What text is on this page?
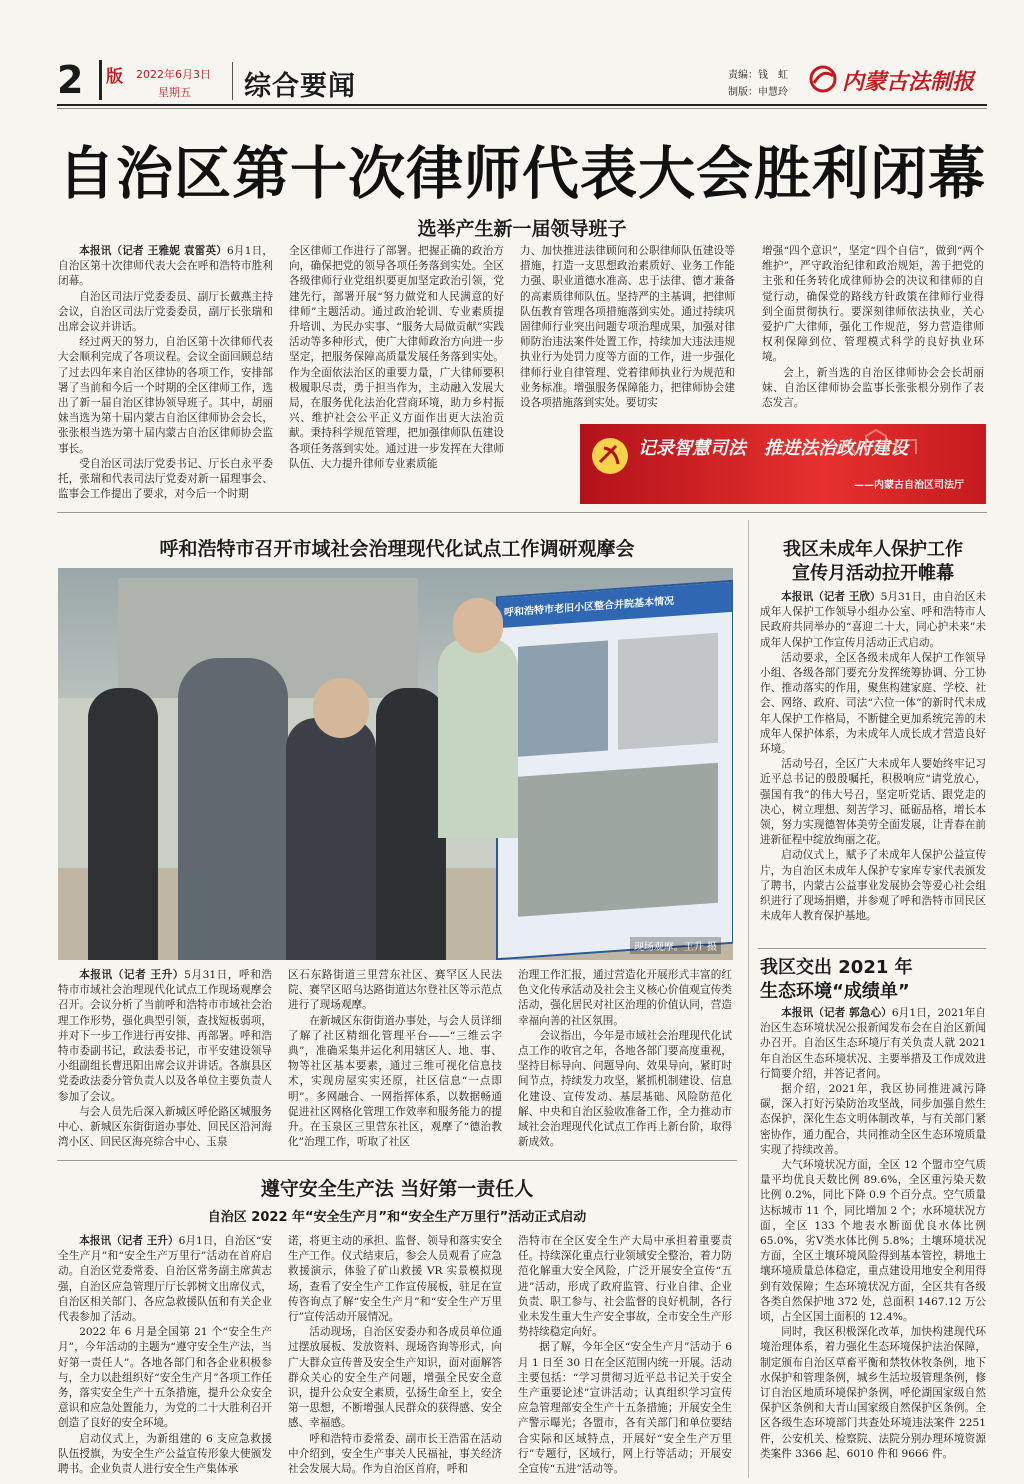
2	版 2022年6月3日
星期五 综合要闻	责编：钱　虹
制版：申慧玲 内蒙古法制报
自治区第十次律师代表大会胜利闭幕
选举产生新一届领导班子

本报讯（记者 王雅妮 袁雷英）6月1日，自治区第十次律师代表大会在呼和浩特市胜利闭幕。

自治区司法厅党委委员、副厅长戴燕主持会议，自治区司法厅党委委员，副厅长张瑞和出席会议并讲话。

经过两天的努力，自治区第十次律师代表大会顺利完成了各项议程。会议全面回顾总结了过去四年来自治区律协的各项工作，安排部署了当前和今后一个时期的全区律师工作，选出了新一届自治区律协领导班子。其中，胡丽妹当选为第十届内蒙古自治区律师协会会长，张张根当选为第十届内蒙古自治区律师协会监事长。

受自治区司法厅党委书记、厅长白永平委托，张瑞和代表司法厅党委对新一届理事会、监事会工作提出了要求，对今后一个时期

全区律师工作进行了部署。把握正确的政治方向，确保把党的领导各项任务落到实处。全区各级律师行业党组织要更加坚定政治引领，党建先行，部署开展“努力做党和人民满意的好律师”主题活动。通过政治轮训、专业素质提升培训、为民办实事、“服务大局做贡献”实践活动等多种形式，使广大律师政治方向进一步坚定，把服务保障高质量发展任务落到实处。作为全面依法治区的重要力量，广大律师要积极履职尽责，勇于担当作为，主动融入发展大局，在服务优化法治化营商环境，助力乡村振兴、维护社会公平正义方面作出更大法治贡献。秉持科学规范管理，把加强律师队伍建设各项任务落到实处。通过进一步发挥在大律师队伍、大力提升律师专业素质能

力、加快推进法律顾问和公职律师队伍建设等措施，打造一支思想政治素质好、业务工作能力强、职业道德水准高、忠于法律、德才兼备的高素质律师队伍。坚持严的主基调，把律师队伍教育管理各项措施落到实处。通过持续巩固律师行业突出问题专项治理成果，加强对律师防治违法案件处置工作，持续加大违法违规执业行为处罚力度等方面的工作，进一步强化律师行业自律管理、党着律师执业行为规范和业务标准。增强服务保障能力，把律师协会建设各项措施落到实处。要切实

增强“四个意识”，坚定“四个自信”，做到“两个维护”，严守政治纪律和政治规矩，善于把党的主张和任务转化成律师协会的决议和律师的自觉行动，确保党的路线方针政策在律师行业得到全面贯彻执行。要深刻律师依法执业，关心爱护广大律师，强化工作规范，努力营造律师权利保障到位、管理模式科学的良好执业环境。

会上，新当选的自治区律师协会会长胡丽妹、自治区律师协会监事长张张根分别作了表态发言。

记录智慧司法　推进法治政府建设
——内蒙古自治区司法厅
呼和浩特市召开市域社会治理现代化试点工作调研观摩会
呼和浩特市老旧小区整合并院基本情况
现场观摩。王升 摄

本报讯（记者 王升）5月31日，呼和浩特市市域社会治理现代化试点工作现场观摩会召开。会议分析了当前呼和浩特市市域社会治理工作形势，强化典型引领，查找短板弱项，并对下一步工作进行再安排、再部署。呼和浩特市委副书记，政法委书记，市平安建设领导小组副组长曹迅阳出席会议并讲话。各旗县区党委政法委分管负责人以及各单位主要负责人参加了会议。

与会人员先后深入新城区呼伦路区城服务中心、新城区东街街道办事处、回民区沿河海湾小区、回民区海亮综合中心、玉泉

区石东路街道三里营东社区、赛罕区人民法院、赛罕区昭乌达路街道达尔登社区等示范点进行了现场观摩。

在新城区东街街道办事处，与会人员详细了解了社区精细化管理平台——“三维云字典”，准确采集并运化利用辖区人、地、事、物等社区基本要素，通过三维可视化信息技术，实现房屋实实还原，社区信息“一点即明”。多网融合、一网指挥体系，以数据畅通促进社区网格化管理工作效率和服务能力的提升。在玉泉区三里营东社区，观摩了“德治教化”治理工作，听取了社区

治理工作汇报，通过营造化开展形式丰富的红色文化传承活动及社会主义核心价值观宣传类活动，强化居民对社区治理的价值认同，营造幸福向善的社区氛围。

会议指出，今年是市域社会治理现代化试点工作的收官之年，各地各部门要高度重视，坚持目标导向、问题导向、效果导向，紧盯时间节点，持续发力攻坚，紧抓机制建设、信息化建设、宣传发动、基层基础、风险防范化解、中央和自治区验收准备工作，全力推动市域社会治理现代化试点工作再上新台阶，取得新成效。

我区未成年人保护工作
宣传月活动拉开帷幕

本报讯（记者 王欣）5月31日，由自治区未成年人保护工作领导小组办公室、呼和浩特市人民政府共同举办的“喜迎二十大，同心护未来”未成年人保护工作宣传月活动正式启动。

活动要求，全区各级未成年人保护工作领导小组、各级各部门要充分发挥统筹协调、分工协作、推动落实的作用，聚焦构建家庭、学校、社会、网络、政府、司法“六位一体”的新时代未成年人保护工作格局，不断健全更加系统完善的未成年人保护体系，为未成年人成长成才营造良好环境。

活动号召，全区广大未成年人要始终牢记习近平总书记的殷殷嘱托，积极响应“请党放心，强国有我”的伟大号召，坚定听党话、跟党走的决心，树立理想、刻苦学习、砥砺品格，增长本领，努力实现德智体美劳全面发展，让青春在前进新征程中绽放绚丽之花。

启动仪式上，赋予了未成年人保护公益宣传片，为自治区未成年人保护专家库专家代表颁发了聘书，内蒙古公益事业发展协会等爱心社会组织进行了现场捐赠，并参观了呼和浩特市回民区未成年人教育保护基地。

我区交出 2021 年
生态环境“成绩单”

本报讯（记者 郭急心）6月1日，2021年自治区生态环境状况公报新闻发布会在自治区新闻办召开。自治区生态环境厅有关负责人就 2021 年自治区生态环境状况、主要举措及工作成效进行简要介绍，并答记者问。

据介绍，2021年，我区协同推进减污降碳，深入打好污染防治攻坚战，同步加强自然生态保护，深化生态文明体制改革，与有关部门紧密协作，通力配合，共同推动全区生态环境质量实现了持续改善。

大气环境状况方面，全区 12 个盟市空气质量平均优良天数比例 89.6%，全区重污染天数比例 0.2%，同比下降 0.9 个百分点。空气质量达标城市 11 个，同比增加 2 个；水环境状况方面，全区 133 个地表水断面优良水体比例 65.0%，劣Ⅴ类水体比例 5.8%；土壤环境状况方面，全区土壤环境风险得到基本管控，耕地土壤环境质量总体稳定，重点建设用地安全利用得到有效保障；生态环境状况方面，全区共有各级各类自然保护地 372 处，总面积 1467.12 万公顷，占全区国土面积的 12.4%。

同时，我区积极深化改革，加快构建现代环境治理体系，着力强化生态环境保护法治保障，制定颁布自治区草畜平衡和禁牧休牧条例，地下水保护和管理条例，城乡生活垃圾管理条例，修订自治区地质环境保护条例，呼伦湖国家级自然保护区条例和大青山国家级自然保护区条例。全区各级生态环境部门共查处环境违法案件 2251 件，公安机关、检察院、法院分别办理环境资源类案件 3366 起、6010 件和 9666 件。

遵守安全生产法 当好第一责任人
自治区 2022 年“安全生产月”和“安全生产万里行”活动正式启动

本报讯（记者 王升）6月1日，自治区“安全生产月”和“安全生产万里行”活动在首府启动。自治区党委常委、自治区常务副主席黄志强，自治区应急管理厅厅长郭树文出席仪式，自治区相关部门、各应急救援队伍和有关企业代表参加了活动。

2022 年 6 月是全国第 21 个“安全生产月”，今年活动的主题为“遵守安全生产法，当好第一责任人”。各地各部门和各企业积极参与，全力以赴组织好“安全生产月”各项工作任务，落实安全生产十五条措施，提升公众安全意识和应急处置能力，为党的二十大胜利召开创造了良好的安全环境。

启动仪式上，为新组建的 6 支应急救援队伍授旗，为安全生产公益宣传形象大使颁发聘书。企业负责人进行安全生产集体承

诺，将更主动的承担、监督、领导和落实安全生产工作。仪式结束后，参会人员观看了应急救援演示，体验了矿山救援 VR 实景模拟现场，查看了安全生产工作宣传展板，驻足在宣传咨询点了解“安全生产月”和“安全生产万里行”宣传活动开展情况。

活动现场，自治区安委办和各成员单位通过摆放展板、发放资料、现场咨询等形式，向广大群众宣传普及安全生产知识，面对面解答群众关心的安全生产问题，增强全民安全意识，提升公众安全素质，弘扬生命至上，安全第一思想，不断增强人民群众的获得感、安全感、幸福感。

呼和浩特市委常委、副市长王浩雷在活动中介绍到，安全生产事关人民福祉，事关经济社会发展大局。作为自治区首府，呼和

浩特市在全区安全生产大局中承担着重要责任。持续深化重点行业领域安全整治，着力防范化解重大安全风险，广泛开展安全宣传“五进”活动，形成了政府监管、行业自律、企业负责、职工参与、社会监督的良好机制，各行业未发生重大生产安全事故，全市安全生产形势持续稳定向好。

据了解，今年全区“安全生产月”活动于 6 月 1 日至 30 日在全区范围内统一开展。活动主要包括：“学习贯彻习近平总书记关于安全生产重要论述”宣讲活动；认真组织学习宣传应急管理部安全生产十五条措施；开展安全生产警示曝光；各盟市，各有关部门和单位要结合实际和区域特点，开展好“安全生产万里行”专题行，区域行，网上行等活动；开展安全宣传“五进”活动等。
